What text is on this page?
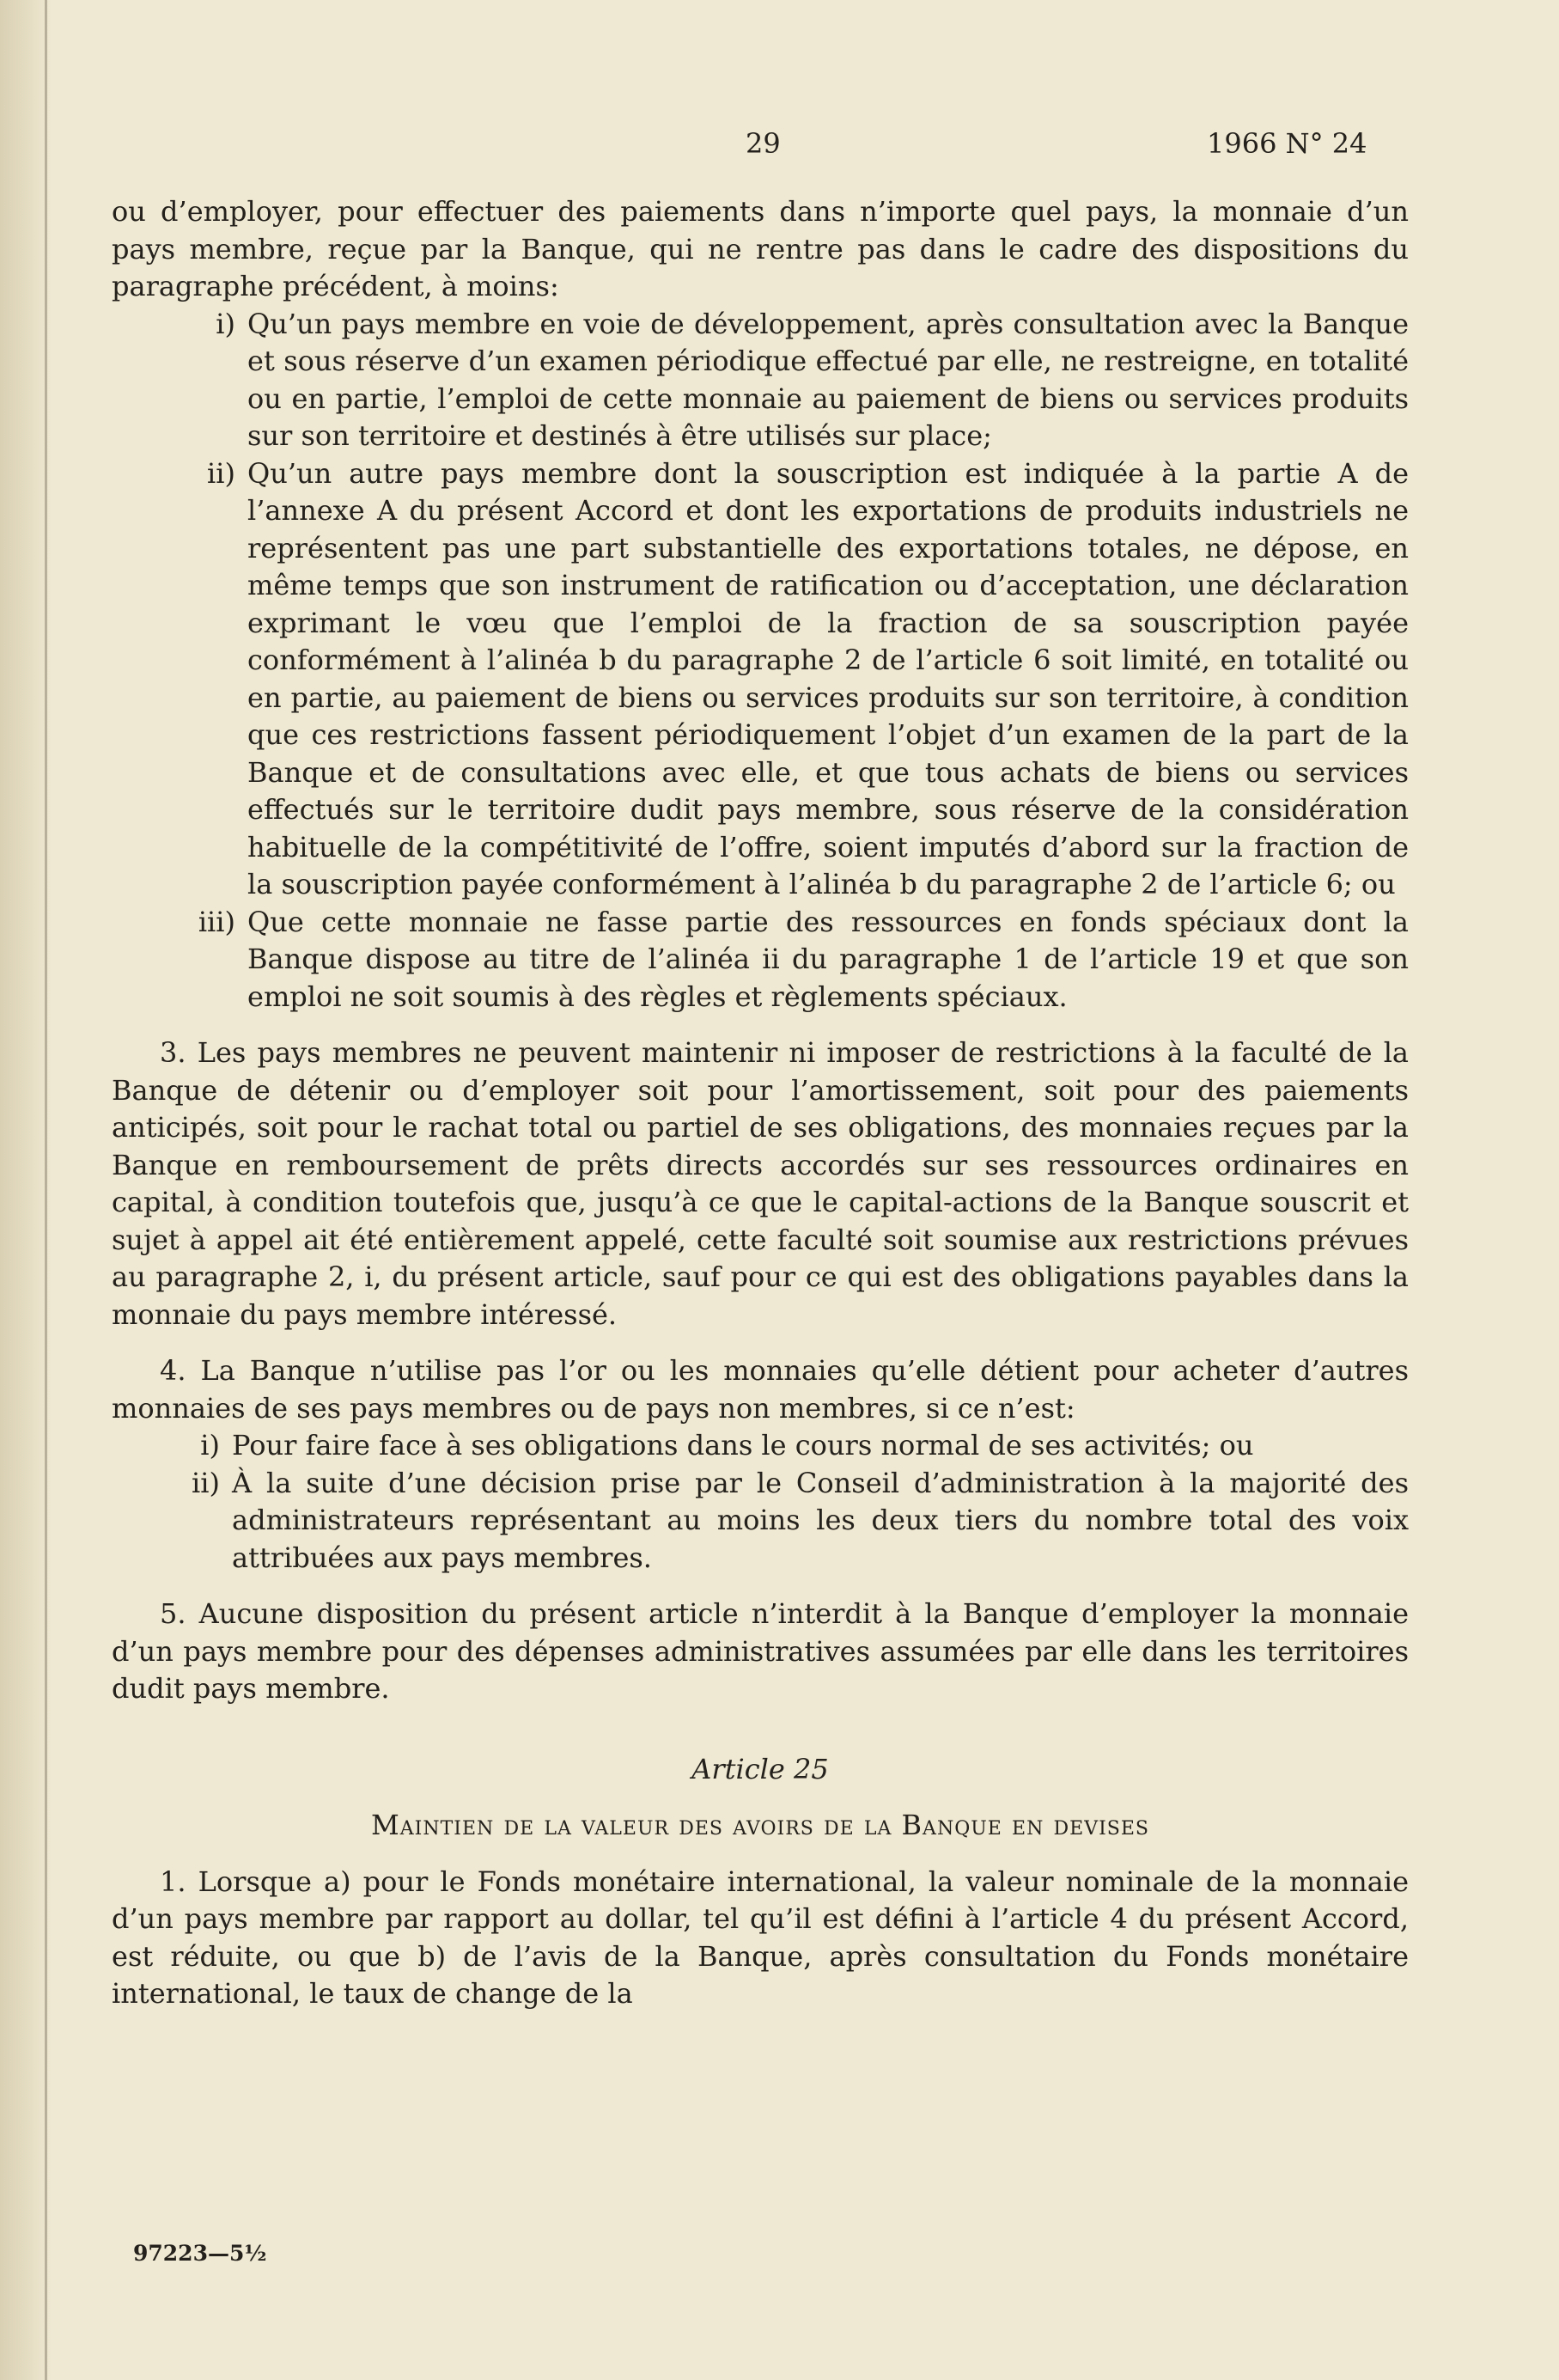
29	1966 N° 24

ou d’employer, pour effectuer des paiements dans n’importe quel pays, la monnaie d’un pays membre, reçue par la Banque, qui ne rentre pas dans le cadre des dispositions du paragraphe précédent, à moins:

i) Qu’un pays membre en voie de développement, après consultation avec la Banque et sous réserve d’un examen périodique effectué par elle, ne restreigne, en totalité ou en partie, l’emploi de cette monnaie au paiement de biens ou services produits sur son territoire et destinés à être utilisés sur place;
ii) Qu’un autre pays membre dont la souscription est indiquée à la partie A de l’annexe A du présent Accord et dont les exportations de produits industriels ne représentent pas une part substantielle des exportations totales, ne dépose, en même temps que son instrument de ratification ou d’acceptation, une déclaration exprimant le vœu que l’emploi de la fraction de sa souscription payée conformément à l’alinéa b du paragraphe 2 de l’article 6 soit limité, en totalité ou en partie, au paiement de biens ou services produits sur son territoire, à condition que ces restrictions fassent périodiquement l’objet d’un examen de la part de la Banque et de consultations avec elle, et que tous achats de biens ou services effectués sur le territoire dudit pays membre, sous réserve de la considération habituelle de la compétitivité de l’offre, soient imputés d’abord sur la fraction de la souscription payée conformément à l’alinéa b du paragraphe 2 de l’article 6; ou
iii) Que cette monnaie ne fasse partie des ressources en fonds spéciaux dont la Banque dispose au titre de l’alinéa ii du paragraphe 1 de l’article 19 et que son emploi ne soit soumis à des règles et règlements spéciaux.

3. Les pays membres ne peuvent maintenir ni imposer de restrictions à la faculté de la Banque de détenir ou d’employer soit pour l’amortissement, soit pour des paiements anticipés, soit pour le rachat total ou partiel de ses obligations, des monnaies reçues par la Banque en remboursement de prêts directs accordés sur ses ressources ordinaires en capital, à condition toutefois que, jusqu’à ce que le capital-actions de la Banque souscrit et sujet à appel ait été entièrement appelé, cette faculté soit soumise aux restrictions prévues au paragraphe 2, i, du présent article, sauf pour ce qui est des obligations payables dans la monnaie du pays membre intéressé.

4. La Banque n’utilise pas l’or ou les monnaies qu’elle détient pour acheter d’autres monnaies de ses pays membres ou de pays non membres, si ce n’est:

i) Pour faire face à ses obligations dans le cours normal de ses activités; ou
ii) À la suite d’une décision prise par le Conseil d’administration à la majorité des administrateurs représentant au moins les deux tiers du nombre total des voix attribuées aux pays membres.

5. Aucune disposition du présent article n’interdit à la Banque d’employer la monnaie d’un pays membre pour des dépenses administratives assumées par elle dans les territoires dudit pays membre.

Article 25

Maintien de la valeur des avoirs de la Banque en devises

1. Lorsque a) pour le Fonds monétaire international, la valeur nominale de la monnaie d’un pays membre par rapport au dollar, tel qu’il est défini à l’article 4 du présent Accord, est réduite, ou que b) de l’avis de la Banque, après consultation du Fonds monétaire international, le taux de change de la

97223—5½
